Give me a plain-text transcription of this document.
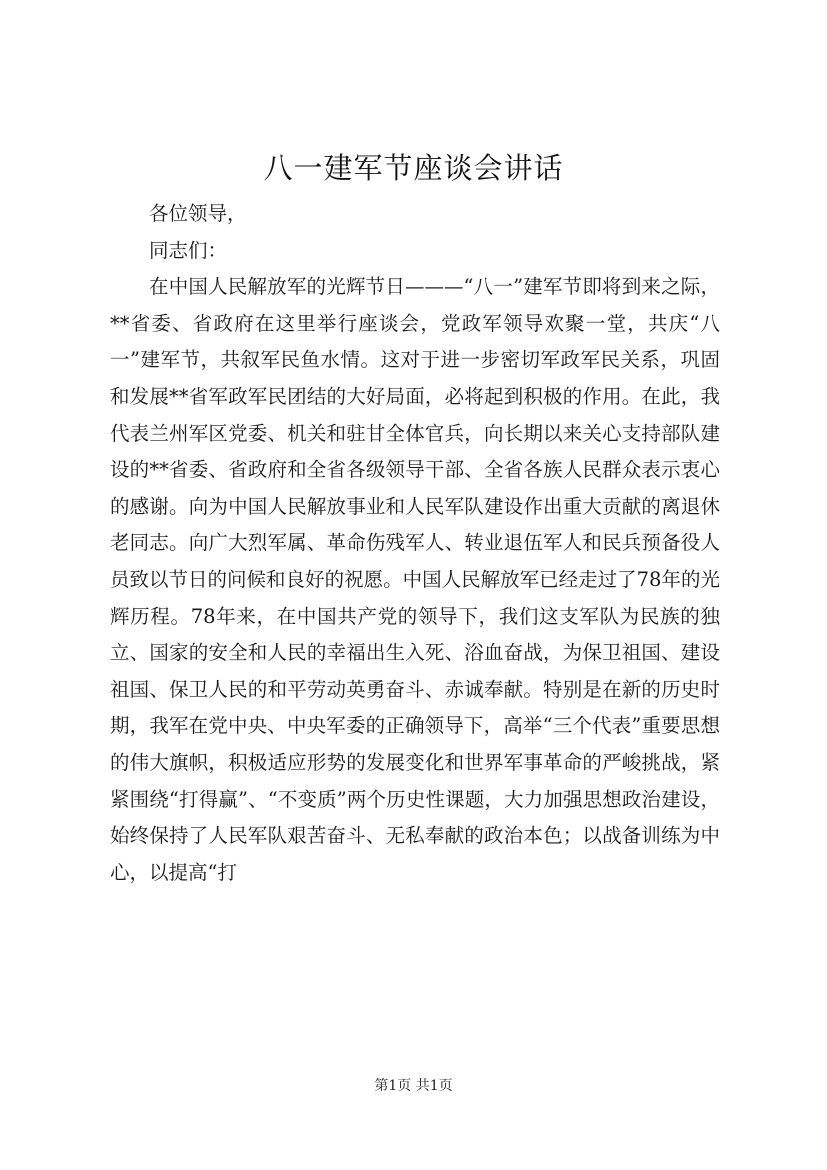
八一建军节座谈会讲话

各位领导，

同志们：

在中国人民解放军的光辉节日———“八一”建军节即将到来之际，**省委、省政府在这里举行座谈会，党政军领导欢聚一堂，共庆“八一”建军节，共叙军民鱼水情。这对于进一步密切军政军民关系，巩固和发展**省军政军民团结的大好局面，必将起到积极的作用。在此，我代表兰州军区党委、机关和驻甘全体官兵，向长期以来关心支持部队建设的**省委、省政府和全省各级领导干部、全省各族人民群众表示衷心的感谢。向为中国人民解放事业和人民军队建设作出重大贡献的离退休老同志。向广大烈军属、革命伤残军人、转业退伍军人和民兵预备役人员致以节日的问候和良好的祝愿。中国人民解放军已经走过了78年的光辉历程。78年来，在中国共产党的领导下，我们这支军队为民族的独立、国家的安全和人民的幸福出生入死、浴血奋战，为保卫祖国、建设祖国、保卫人民的和平劳动英勇奋斗、赤诚奉献。特别是在新的历史时期，我军在党中央、中央军委的正确领导下，高举“三个代表”重要思想的伟大旗帜，积极适应形势的发展变化和世界军事革命的严峻挑战，紧紧围绕“打得赢”、“不变质”两个历史性课题，大力加强思想政治建设，始终保持了人民军队艰苦奋斗、无私奉献的政治本色；以战备训练为中心，以提高“打

第1页 共1页
